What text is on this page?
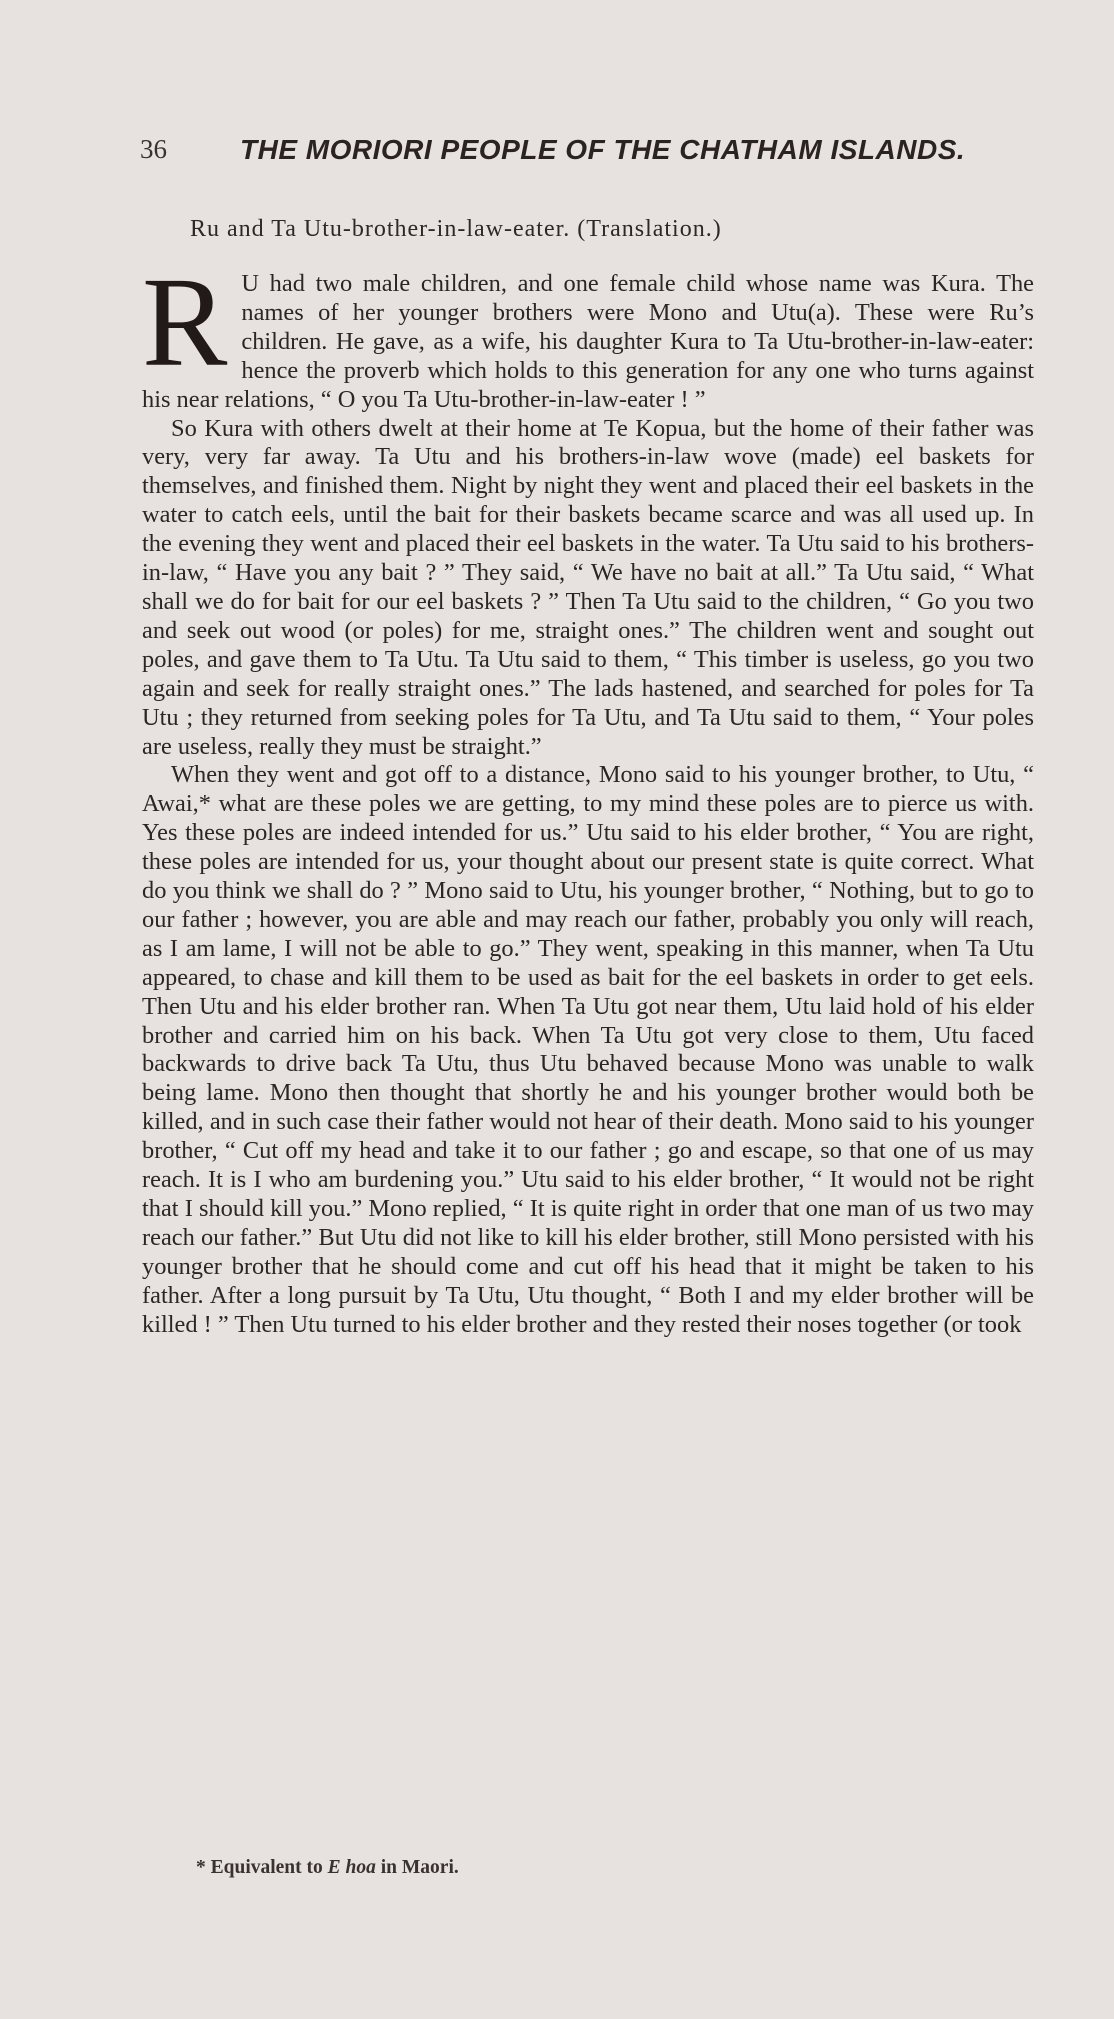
36	THE MORIORI PEOPLE OF THE CHATHAM ISLANDS.
Ru and Ta Utu-brother-in-law-eater. (Translation.)

R U had two male children, and one female child whose name was Kura. The names of her younger brothers were Mono and Utu(a). These were Ru’s children. He gave, as a wife, his daughter Kura to Ta Utu-brother-in-law-eater: hence the proverb which holds to this generation for any one who turns against his near relations, “ O you Ta Utu-brother-in-law-eater ! ”

So Kura with others dwelt at their home at Te Kopua, but the home of their father was very, very far away. Ta Utu and his brothers-in-law wove (made) eel baskets for themselves, and finished them. Night by night they went and placed their eel baskets in the water to catch eels, until the bait for their baskets became scarce and was all used up. In the evening they went and placed their eel baskets in the water. Ta Utu said to his brothers-in-law, “ Have you any bait ? ” They said, “ We have no bait at all.” Ta Utu said, “ What shall we do for bait for our eel baskets ? ” Then Ta Utu said to the children, “ Go you two and seek out wood (or poles) for me, straight ones.” The children went and sought out poles, and gave them to Ta Utu. Ta Utu said to them, “ This timber is useless, go you two again and seek for really straight ones.” The lads hastened, and searched for poles for Ta Utu ; they returned from seeking poles for Ta Utu, and Ta Utu said to them, “ Your poles are useless, really they must be straight.”

When they went and got off to a distance, Mono said to his younger brother, to Utu, “ Awai,* what are these poles we are getting, to my mind these poles are to pierce us with. Yes these poles are indeed intended for us.” Utu said to his elder brother, “ You are right, these poles are intended for us, your thought about our present state is quite correct. What do you think we shall do ? ” Mono said to Utu, his younger brother, “ Nothing, but to go to our father ; however, you are able and may reach our father, probably you only will reach, as I am lame, I will not be able to go.” They went, speaking in this manner, when Ta Utu appeared, to chase and kill them to be used as bait for the eel baskets in order to get eels. Then Utu and his elder brother ran. When Ta Utu got near them, Utu laid hold of his elder brother and carried him on his back. When Ta Utu got very close to them, Utu faced backwards to drive back Ta Utu, thus Utu behaved because Mono was unable to walk being lame. Mono then thought that shortly he and his younger brother would both be killed, and in such case their father would not hear of their death. Mono said to his younger brother, “ Cut off my head and take it to our father ; go and escape, so that one of us may reach. It is I who am burdening you.” Utu said to his elder brother, “ It would not be right that I should kill you.” Mono replied, “ It is quite right in order that one man of us two may reach our father.” But Utu did not like to kill his elder brother, still Mono persisted with his younger brother that he should come and cut off his head that it might be taken to his father. After a long pursuit by Ta Utu, Utu thought, “ Both I and my elder brother will be killed ! ” Then Utu turned to his elder brother and they rested their noses together (or took

* Equivalent to E hoa in Maori.
